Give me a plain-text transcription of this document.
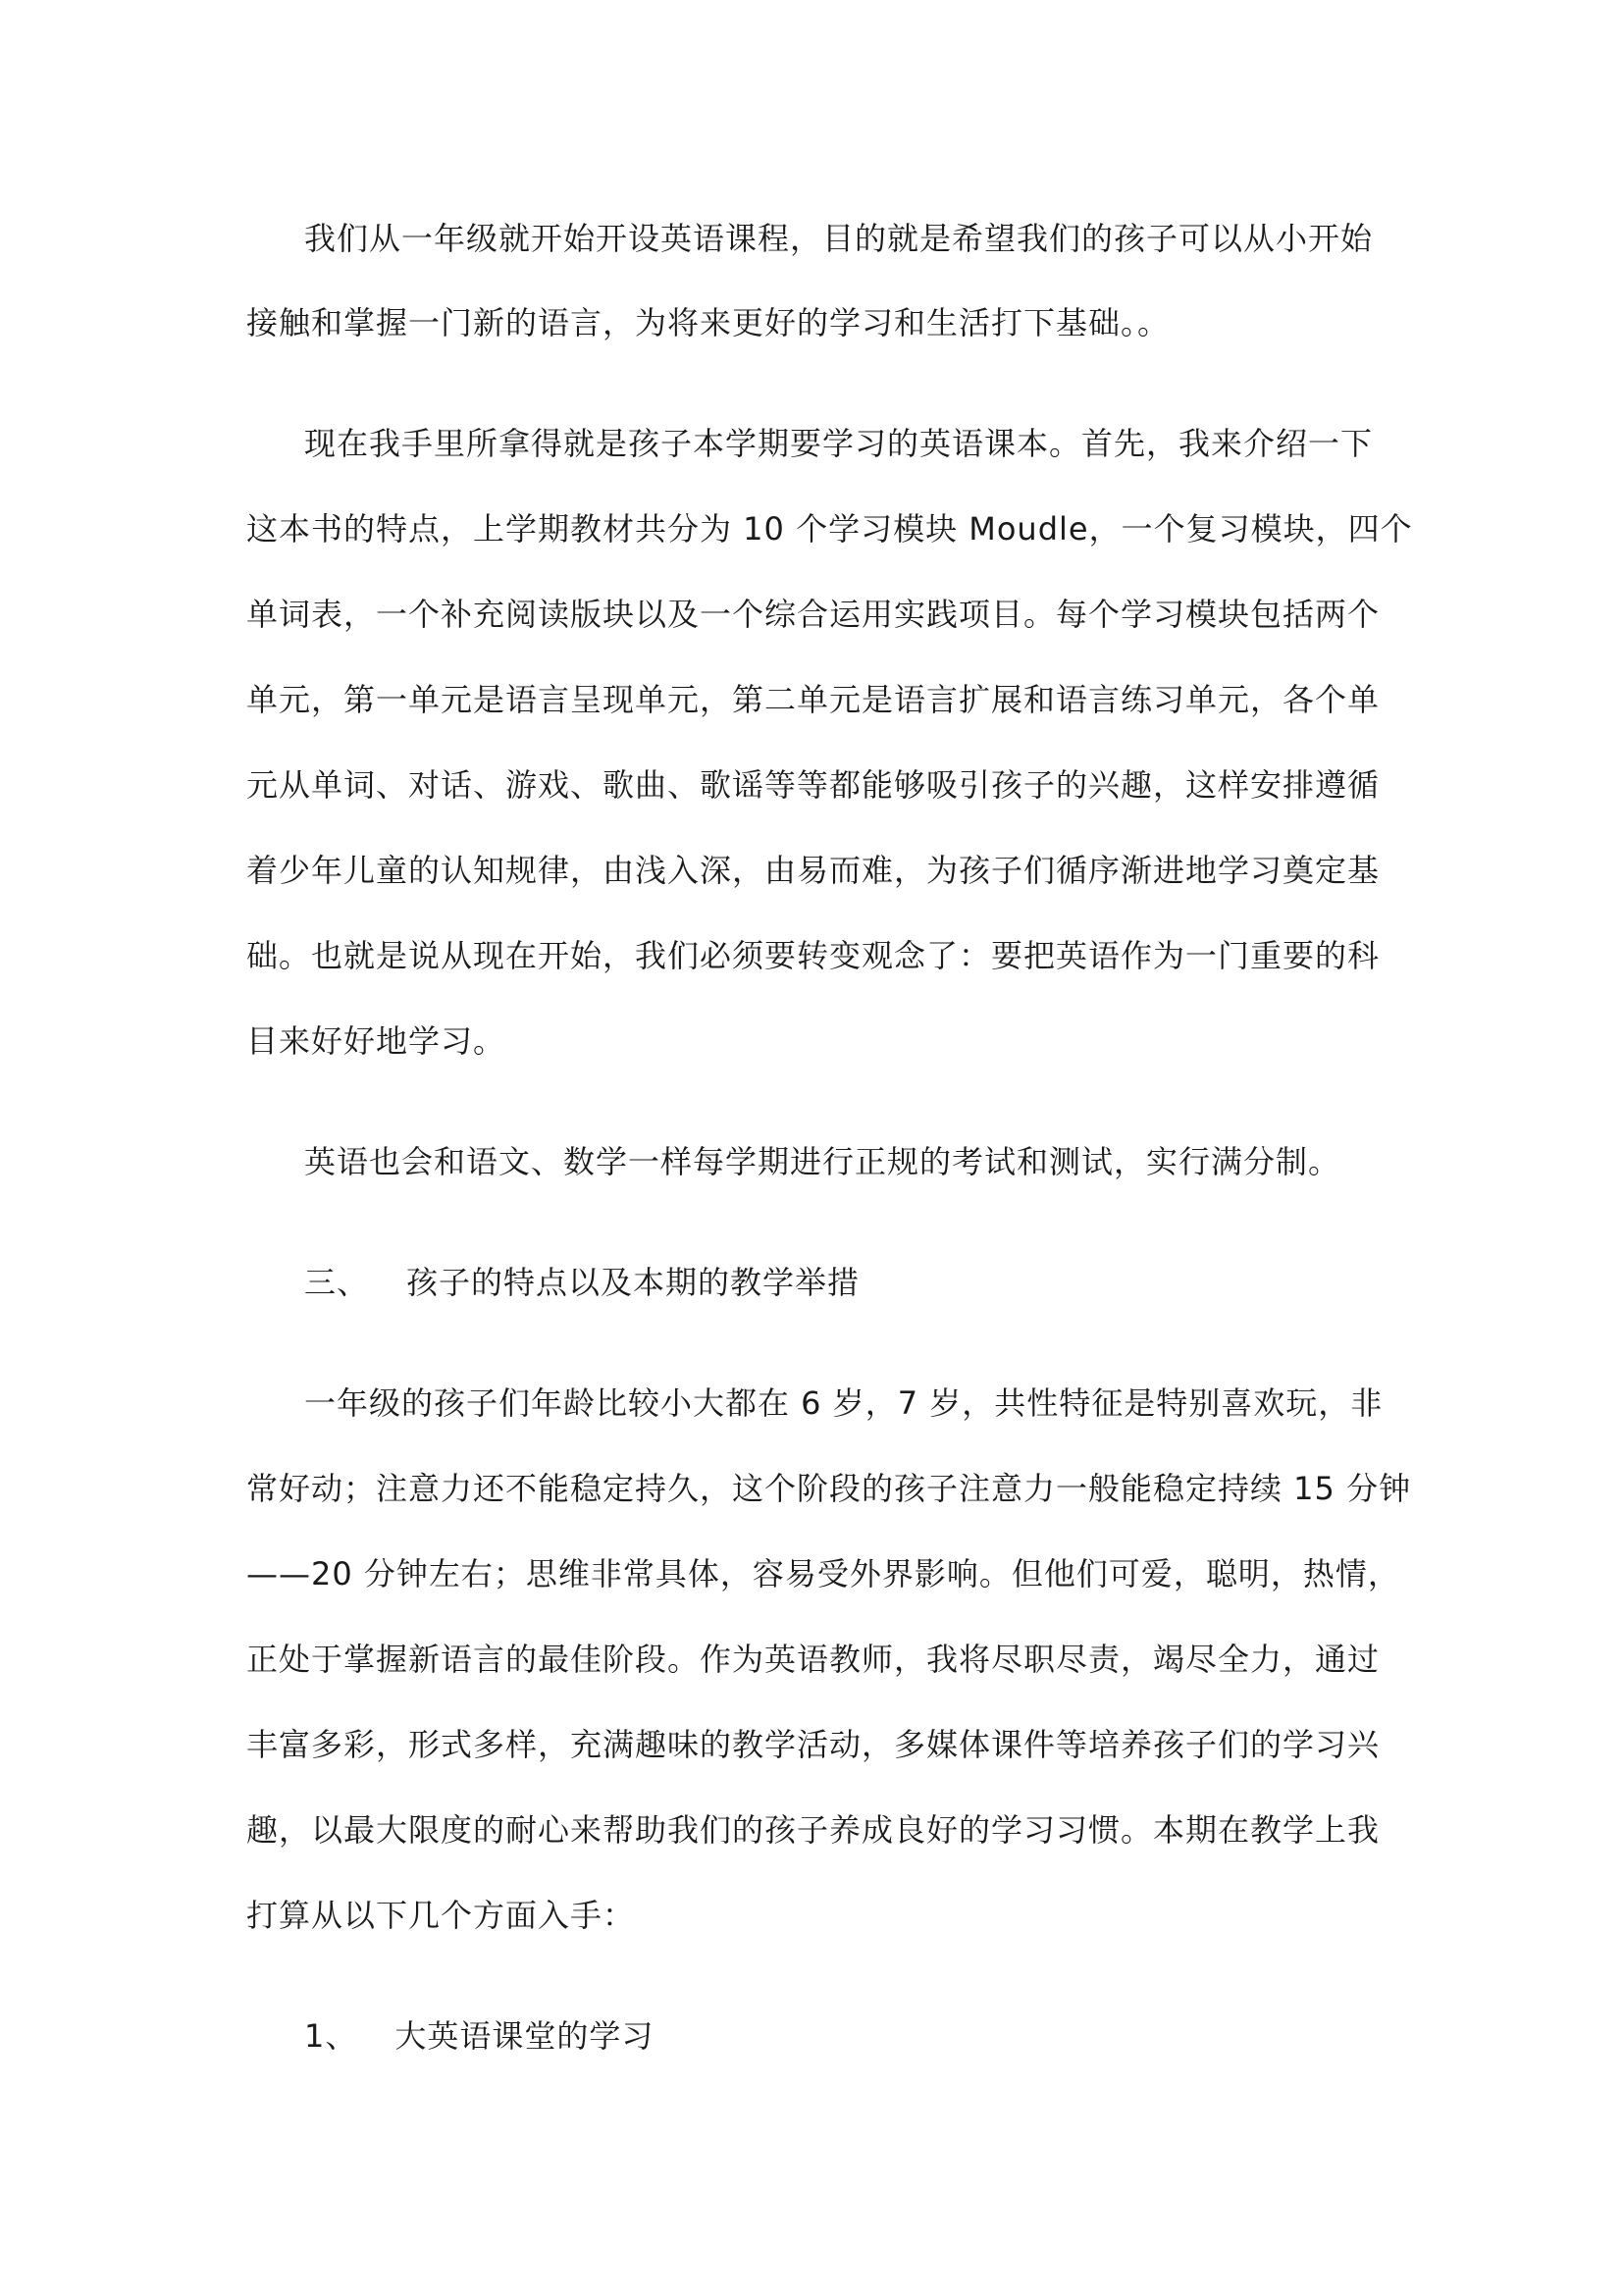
我们从一年级就开始开设英语课程，目的就是希望我们的孩子可以从小开始
接触和掌握一门新的语言，为将来更好的学习和生活打下基础。。
现在我手里所拿得就是孩子本学期要学习的英语课本。首先，我来介绍一下
这本书的特点，上学期教材共分为 10 个学习模块 Moudle，一个复习模块，四个
单词表，一个补充阅读版块以及一个综合运用实践项目。每个学习模块包括两个
单元，第一单元是语言呈现单元，第二单元是语言扩展和语言练习单元，各个单
元从单词、对话、游戏、歌曲、歌谣等等都能够吸引孩子的兴趣，这样安排遵循
着少年儿童的认知规律，由浅入深，由易而难，为孩子们循序渐进地学习奠定基
础。也就是说从现在开始，我们必须要转变观念了：要把英语作为一门重要的科
目来好好地学习。
英语也会和语文、数学一样每学期进行正规的考试和测试，实行满分制。
三、 孩子的特点以及本期的教学举措
一年级的孩子们年龄比较小大都在 6 岁，7 岁，共性特征是特别喜欢玩，非
常好动；注意力还不能稳定持久，这个阶段的孩子注意力一般能稳定持续 15 分钟
——20 分钟左右；思维非常具体，容易受外界影响。但他们可爱，聪明，热情，
正处于掌握新语言的最佳阶段。作为英语教师，我将尽职尽责，竭尽全力，通过
丰富多彩，形式多样，充满趣味的教学活动，多媒体课件等培养孩子们的学习兴
趣，以最大限度的耐心来帮助我们的孩子养成良好的学习习惯。本期在教学上我
打算从以下几个方面入手：
1、 大英语课堂的学习
